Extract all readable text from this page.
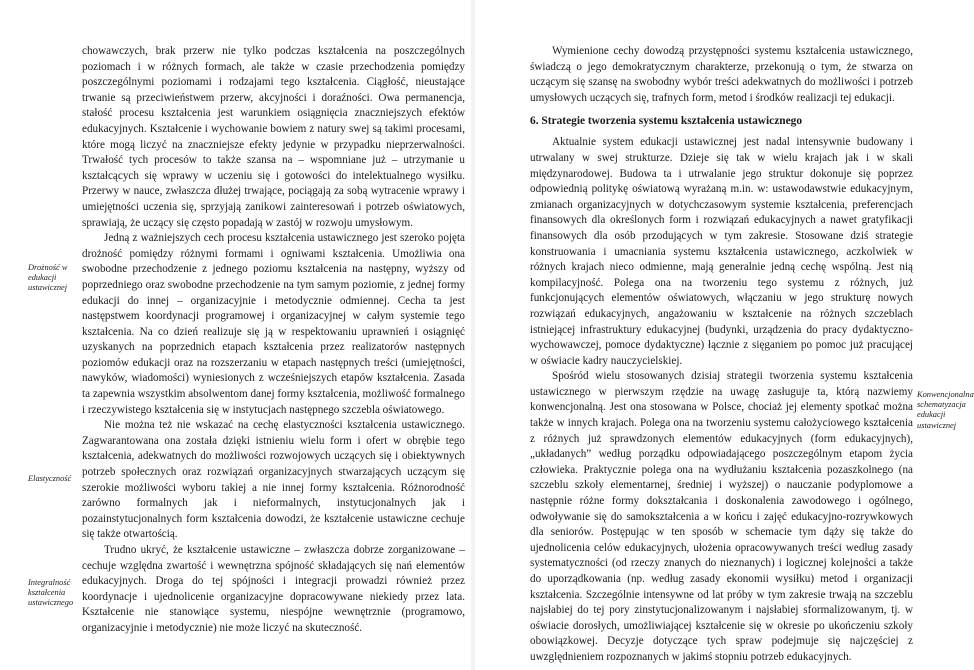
chowawczych, brak przerw nie tylko podczas kształcenia na poszczególnych poziomach i w różnych formach, ale także w czasie przechodzenia pomiędzy poszczególnymi poziomami i rodzajami tego kształcenia. Ciągłość, nieustające trwanie są przeciwieństwem przerw, akcyjności i doraźności. Owa permanencja, stałość procesu kształcenia jest warunkiem osiągnięcia znaczniejszych efektów edukacyjnych. Kształcenie i wychowanie bowiem z natury swej są takimi procesami, które mogą liczyć na znaczniejsze efekty jedynie w przypadku nieprzerwalności. Trwałość tych procesów to także szansa na – wspomniane już – utrzymanie u kształcących się wprawy w uczeniu się i gotowości do intelektualnego wysiłku. Przerwy w nauce, zwłaszcza dłużej trwające, pociągają za sobą wytracenie wprawy i umiejętności uczenia się, sprzyjają zanikowi zainteresowań i potrzeb oświatowych, sprawiają, że uczący się często popadają w zastój w rozwoju umysłowym.

Jedną z ważniejszych cech procesu kształcenia ustawicznego jest szeroko pojęta drożność pomiędzy różnymi formami i ogniwami kształcenia. Umożliwia ona swobodne przechodzenie z jednego poziomu kształcenia na następny, wyższy od poprzedniego oraz swobodne przechodzenie na tym samym poziomie, z jednej formy edukacji do innej – organizacyjnie i metodycznie odmiennej. Cecha ta jest następstwem koordynacji programowej i organizacyjnej w całym systemie tego kształcenia. Na co dzień realizuje się ją w respektowaniu uprawnień i osiągnięć uzyskanych na poprzednich etapach kształcenia przez realizatorów następnych poziomów edukacji oraz na rozszerzaniu w etapach następnych treści (umiejętności, nawyków, wiadomości) wyniesionych z wcześniejszych etapów kształcenia. Zasada ta zapewnia wszystkim absolwentom danej formy kształcenia, możliwość formalnego i rzeczywistego kształcenia się w instytucjach następnego szczebla oświatowego.

Nie można też nie wskazać na cechę elastyczności kształcenia ustawicznego. Zagwarantowana ona została dzięki istnieniu wielu form i ofert w obrębie tego kształcenia, adekwatnych do możliwości rozwojowych uczących się i obiektywnych potrzeb społecznych oraz rozwiązań organizacyjnych stwarzających uczącym się szerokie możliwości wyboru takiej a nie innej formy kształcenia. Różnorodność zarówno formalnych jak i nieformalnych, instytucjonalnych jak i pozainstytucjonalnych form kształcenia dowodzi, że kształcenie ustawiczne cechuje się także otwartością.

Trudno ukryć, że kształcenie ustawiczne – zwłaszcza dobrze zorganizowane – cechuje względna zwartość i wewnętrzna spójność składających się nań elementów edukacyjnych. Droga do tej spójności i integracji prowadzi również przez koordynacje i ujednolicenie organizacyjne dopracowywane niekiedy przez lata. Kształcenie nie stanowiące systemu, niespójne wewnętrznie (programowo, organizacyjnie i metodycznie) nie może liczyć na skuteczność.

Drożność w edukacji ustawicznej
Elastyczność
Integralność kształcenia ustawicznego

Wymienione cechy dowodzą przystępności systemu kształcenia ustawicznego, świadczą o jego demokratycznym charakterze, przekonują o tym, że stwarza on uczącym się szansę na swobodny wybór treści adekwatnych do możliwości i potrzeb umysłowych uczących się, trafnych form, metod i środków realizacji tej edukacji.

6. Strategie tworzenia systemu kształcenia ustawicznego

Aktualnie system edukacji ustawicznej jest nadal intensywnie budowany i utrwalany w swej strukturze. Dzieje się tak w wielu krajach jak i w skali międzynarodowej. Budowa ta i utrwalanie jego struktur dokonuje się poprzez odpowiednią politykę oświatową wyrażaną m.in. w: ustawodawstwie edukacyjnym, zmianach organizacyjnych w dotychczasowym systemie kształcenia, preferencjach finansowych dla określonych form i rozwiązań edukacyjnych a nawet gratyfikacji finansowych dla osób przodujących w tym zakresie. Stosowane dziś strategie konstruowania i umacniania systemu kształcenia ustawicznego, aczkolwiek w różnych krajach nieco odmienne, mają generalnie jedną cechę wspólną. Jest nią kompilacyjność. Polega ona na tworzeniu tego systemu z różnych, już funkcjonujących elementów oświatowych, włączaniu w jego strukturę nowych rozwiązań edukacyjnych, angażowaniu w kształcenie na różnych szczeblach istniejącej infrastruktury edukacyjnej (budynki, urządzenia do pracy dydaktyczno-wychowawczej, pomoce dydaktyczne) łącznie z sięganiem po pomoc już pracującej w oświacie kadry nauczycielskiej.

Spośród wielu stosowanych dzisiaj strategii tworzenia systemu kształcenia ustawicznego w pierwszym rzędzie na uwagę zasługuje ta, którą nazwiemy konwencjonalną. Jest ona stosowana w Polsce, chociaż jej elementy spotkać można także w innych krajach. Polega ona na tworzeniu systemu całożyciowego kształcenia z różnych już sprawdzonych elementów edukacyjnych (form edukacyjnych), „układanych” według porządku odpowiadającego poszczególnym etapom życia człowieka. Praktycznie polega ona na wydłużaniu kształcenia pozaszkolnego (na szczeblu szkoły elementarnej, średniej i wyższej) o nauczanie podyplomowe a następnie różne formy dokształcania i doskonalenia zawodowego i ogólnego, odwoływanie się do samokształcenia a w końcu i zajęć edukacyjno-rozrywkowych dla seniorów. Postępując w ten sposób w schemacie tym dąży się także do ujednolicenia celów edukacyjnych, ułożenia opracowywanych treści według zasady systematyczności (od rzeczy znanych do nieznanych) i logicznej kolejności a także do uporządkowania (np. według zasady ekonomii wysiłku) metod i organizacji kształcenia. Szczególnie intensywne od lat próby w tym zakresie trwają na szczeblu najsłabiej do tej pory zinstytucjonalizowanym i najsłabiej sformalizowanym, tj. w oświacie dorosłych, umożliwiającej kształcenie się w okresie po ukończeniu szkoły obowiązkowej. Decyzje dotyczące tych spraw podejmuje się najczęściej z uwzględnieniem rozpoznanych w jakimś stopniu potrzeb edukacyjnych.

Konwencjonalna schematyzacja edukacji ustawicznej
